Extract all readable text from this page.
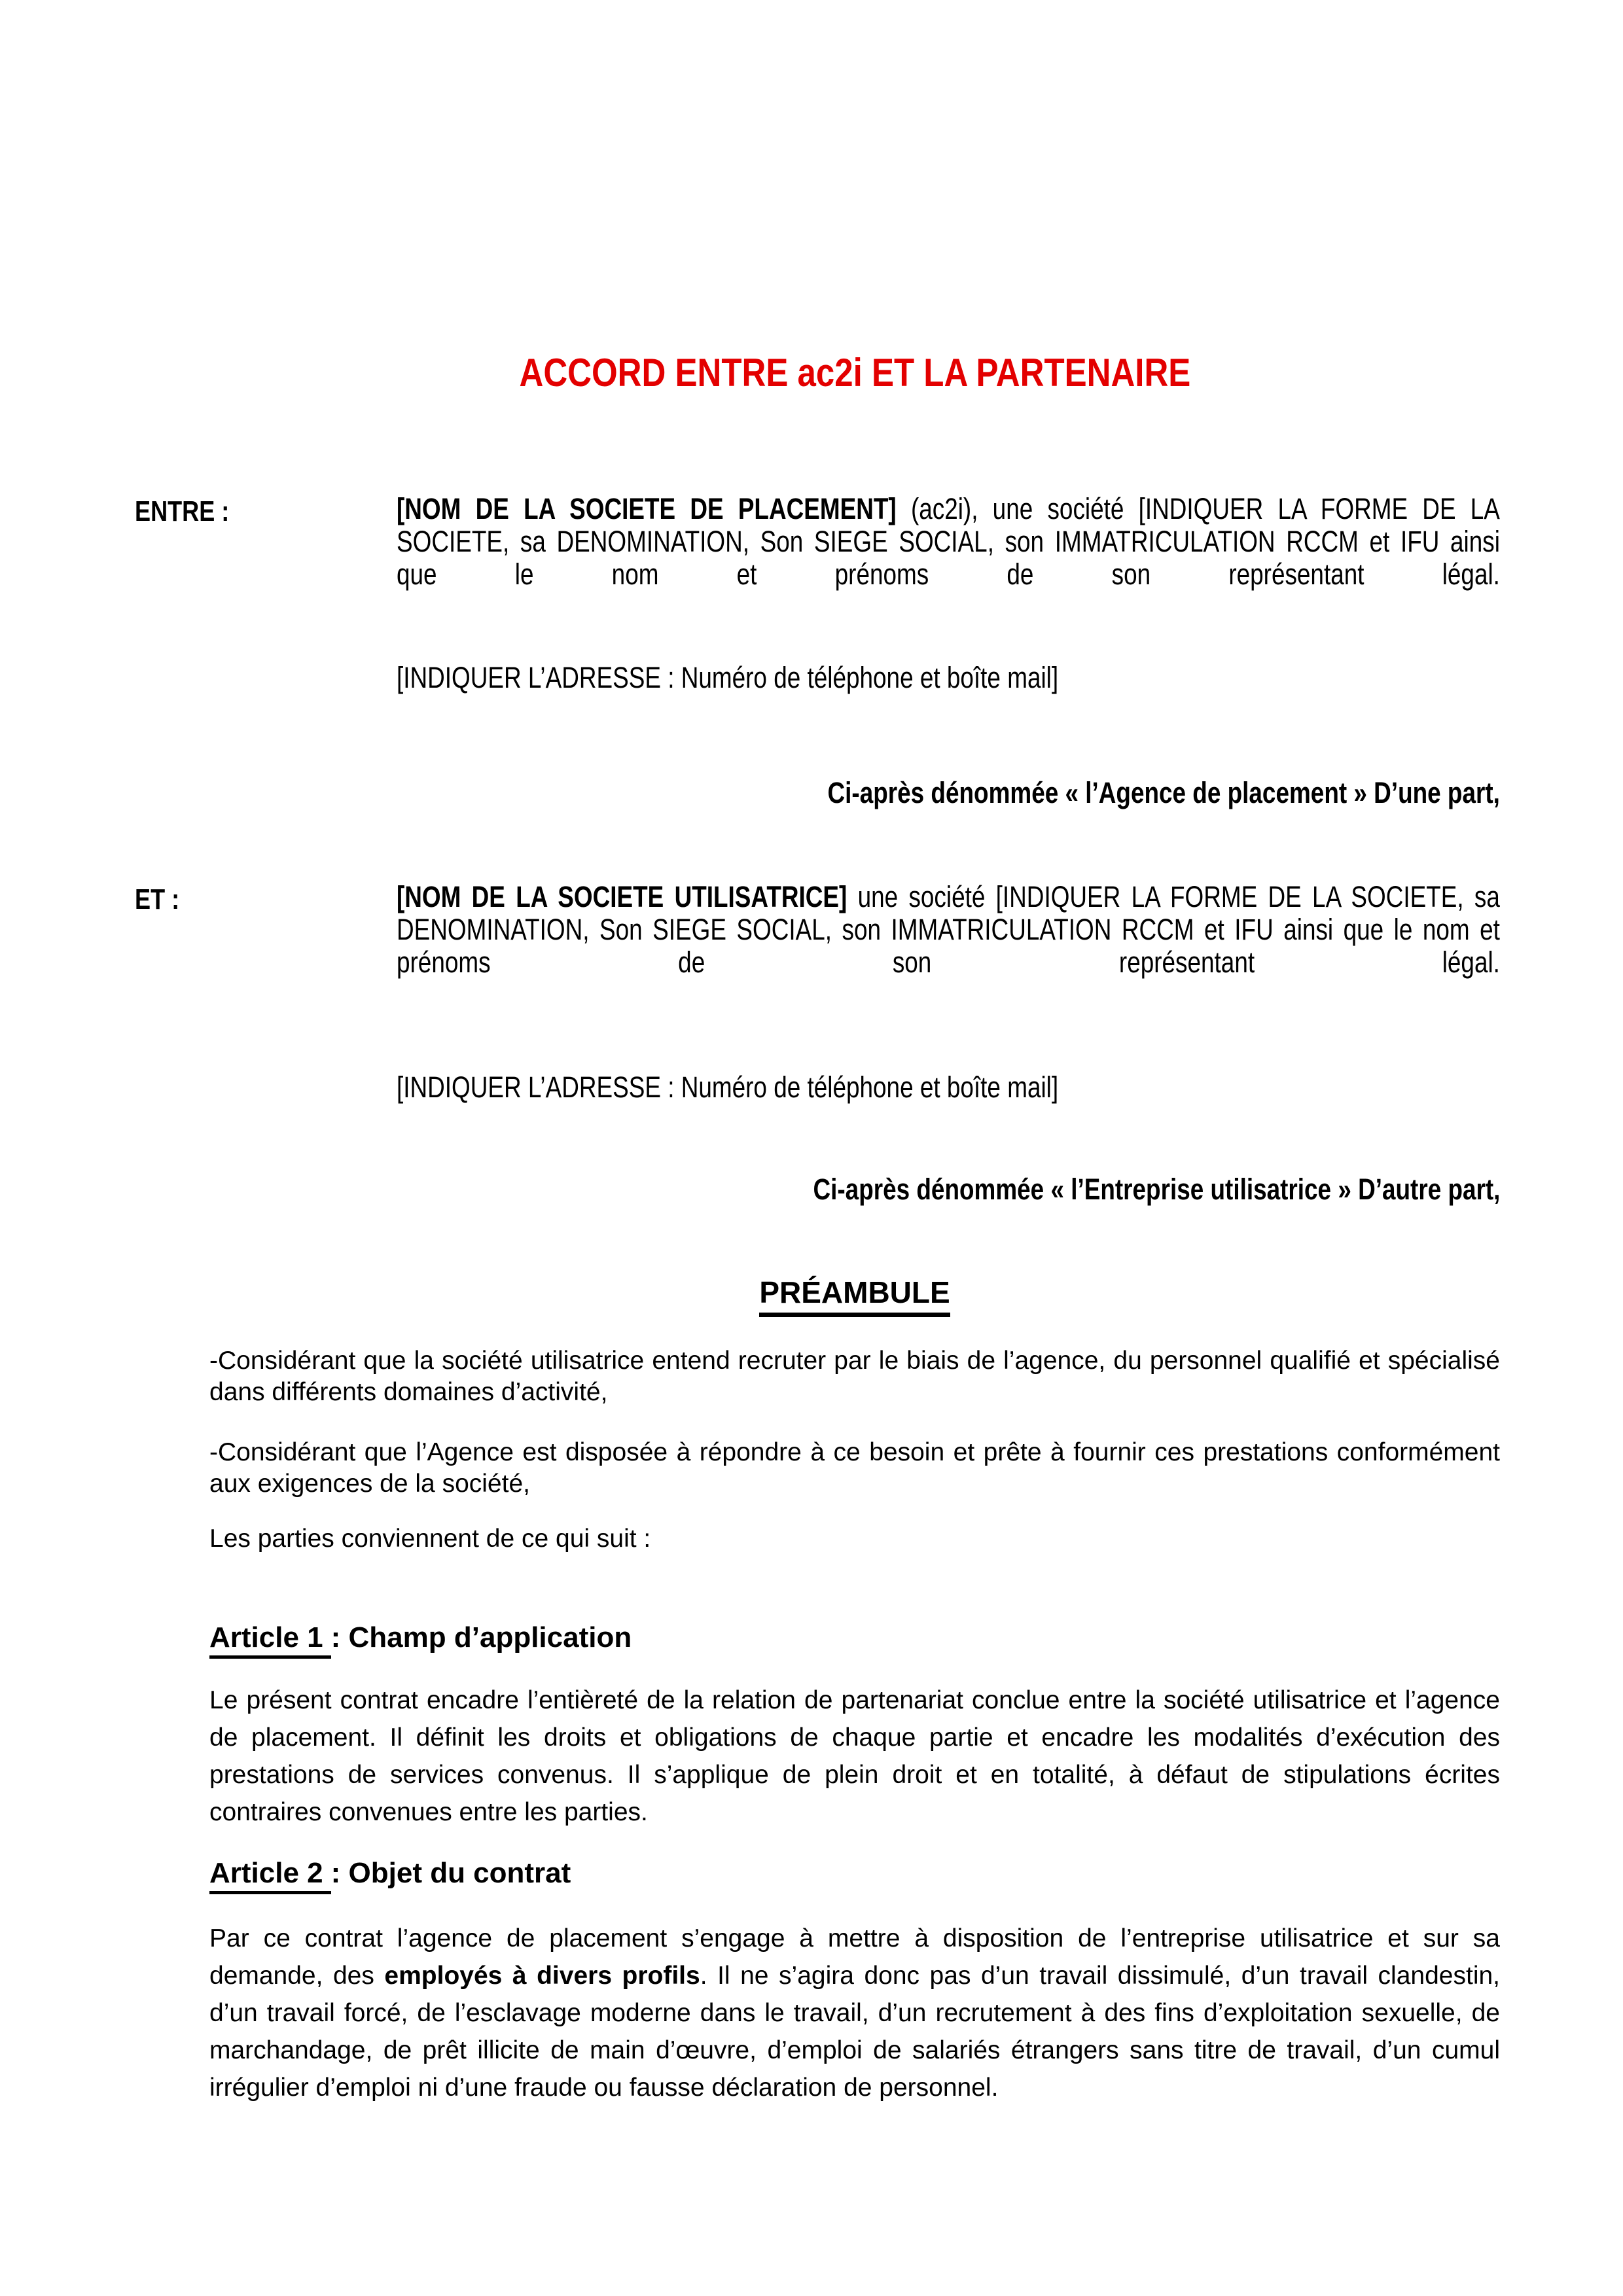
ACCORD ENTRE ac2i ET LA PARTENAIRE
ENTRE :	[NOM DE LA SOCIETE DE PLACEMENT] (ac2i), une société [INDIQUER LA FORME DE LA SOCIETE, sa DENOMINATION, Son SIEGE SOCIAL, son IMMATRICULATION RCCM et IFU ainsi que le nom et prénoms de son représentant légal.
[INDIQUER L’ADRESSE : Numéro de téléphone et boîte mail]
Ci-après dénommée « l’Agence de placement » D’une part,
ET :	[NOM DE LA SOCIETE UTILISATRICE] une société [INDIQUER LA FORME DE LA SOCIETE, sa DENOMINATION, Son SIEGE SOCIAL, son IMMATRICULATION RCCM et IFU ainsi que le nom et prénoms de son représentant légal.
[INDIQUER L’ADRESSE : Numéro de téléphone et boîte mail]
Ci-après dénommée « l’Entreprise utilisatrice » D’autre part,
PRÉAMBULE
-Considérant que la société utilisatrice entend recruter par le biais de l’agence, du personnel qualifié et spécialisé dans différents domaines d’activité,
-Considérant que l’Agence est disposée à répondre à ce besoin et prête à fournir ces prestations conformément aux exigences de la société,
Les parties conviennent de ce qui suit :
Article 1 : Champ d’application
Le présent contrat encadre l’entièreté de la relation de partenariat conclue entre la société utilisatrice et l’agence de placement. Il définit les droits et obligations de chaque partie et encadre les modalités d’exécution des prestations de services convenus. Il s’applique de plein droit et en totalité, à défaut de stipulations écrites contraires convenues entre les parties.
Article 2 : Objet du contrat
Par ce contrat l’agence de placement s’engage à mettre à disposition de l’entreprise utilisatrice et sur sa demande, des employés à divers profils. Il ne s’agira donc pas d’un travail dissimulé, d’un travail clandestin, d’un travail forcé, de l’esclavage moderne dans le travail, d’un recrutement à des fins d’exploitation sexuelle, de marchandage, de prêt illicite de main d’œuvre, d’emploi de salariés étrangers sans titre de travail, d’un cumul irrégulier d’emploi ni d’une fraude ou fausse déclaration de personnel.
